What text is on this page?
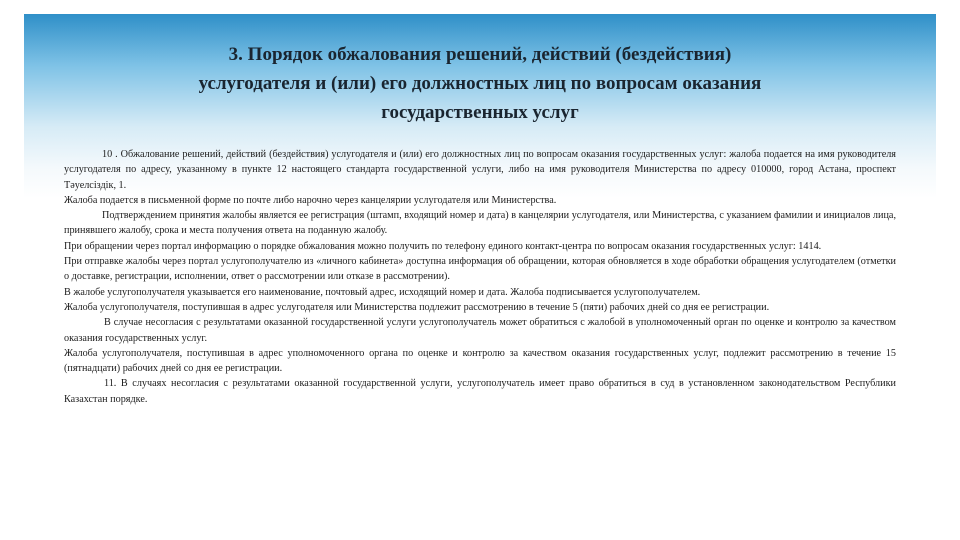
3. Порядок обжалования решений, действий (бездействия)
услугодателя и (или) его должностных лиц по вопросам оказания
государственных услуг

10 . Обжалование решений, действий (бездействия) услугодателя и (или) его должностных лиц по вопросам оказания государственных услуг: жалоба подается на имя руководителя услугодателя по адресу, указанному в пункте 12 настоящего стандарта государственной услуги, либо на имя руководителя Министерства по адресу 010000, город Астана, проспект Тәуелсіздік, 1.

Жалоба подается в письменной форме по почте либо нарочно через канцелярии услугодателя или Министерства.

Подтверждением принятия жалобы является ее регистрация (штамп, входящий номер и дата) в канцелярии услугодателя, или Министерства, с указанием фамилии и инициалов лица, принявшего жалобу, срока и места получения ответа на поданную жалобу.

При обращении через портал информацию о порядке обжалования можно получить по телефону единого контакт-центра по вопросам оказания государственных услуг: 1414.

При отправке жалобы через портал услугополучателю из «личного кабинета» доступна информация об обращении, которая обновляется в ходе обработки обращения услугодателем (отметки о доставке, регистрации, исполнении, ответ о рассмотрении или отказе в рассмотрении).

В жалобе услугополучателя указывается его наименование, почтовый адрес, исходящий номер и дата. Жалоба подписывается услугополучателем.

Жалоба услугополучателя, поступившая в адрес услугодателя или Министерства подлежит рассмотрению в течение 5 (пяти) рабочих дней со дня ее регистрации.

В случае несогласия с результатами оказанной государственной услуги услугополучатель может обратиться с жалобой в уполномоченный орган по оценке и контролю за качеством оказания государственных услуг.

Жалоба услугополучателя, поступившая в адрес уполномоченного органа по оценке и контролю за качеством оказания государственных услуг, подлежит рассмотрению в течение 15 (пятнадцати) рабочих дней со дня ее регистрации.

11. В случаях несогласия с результатами оказанной государственной услуги, услугополучатель имеет право обратиться в суд в установленном законодательством Республики Казахстан порядке.
